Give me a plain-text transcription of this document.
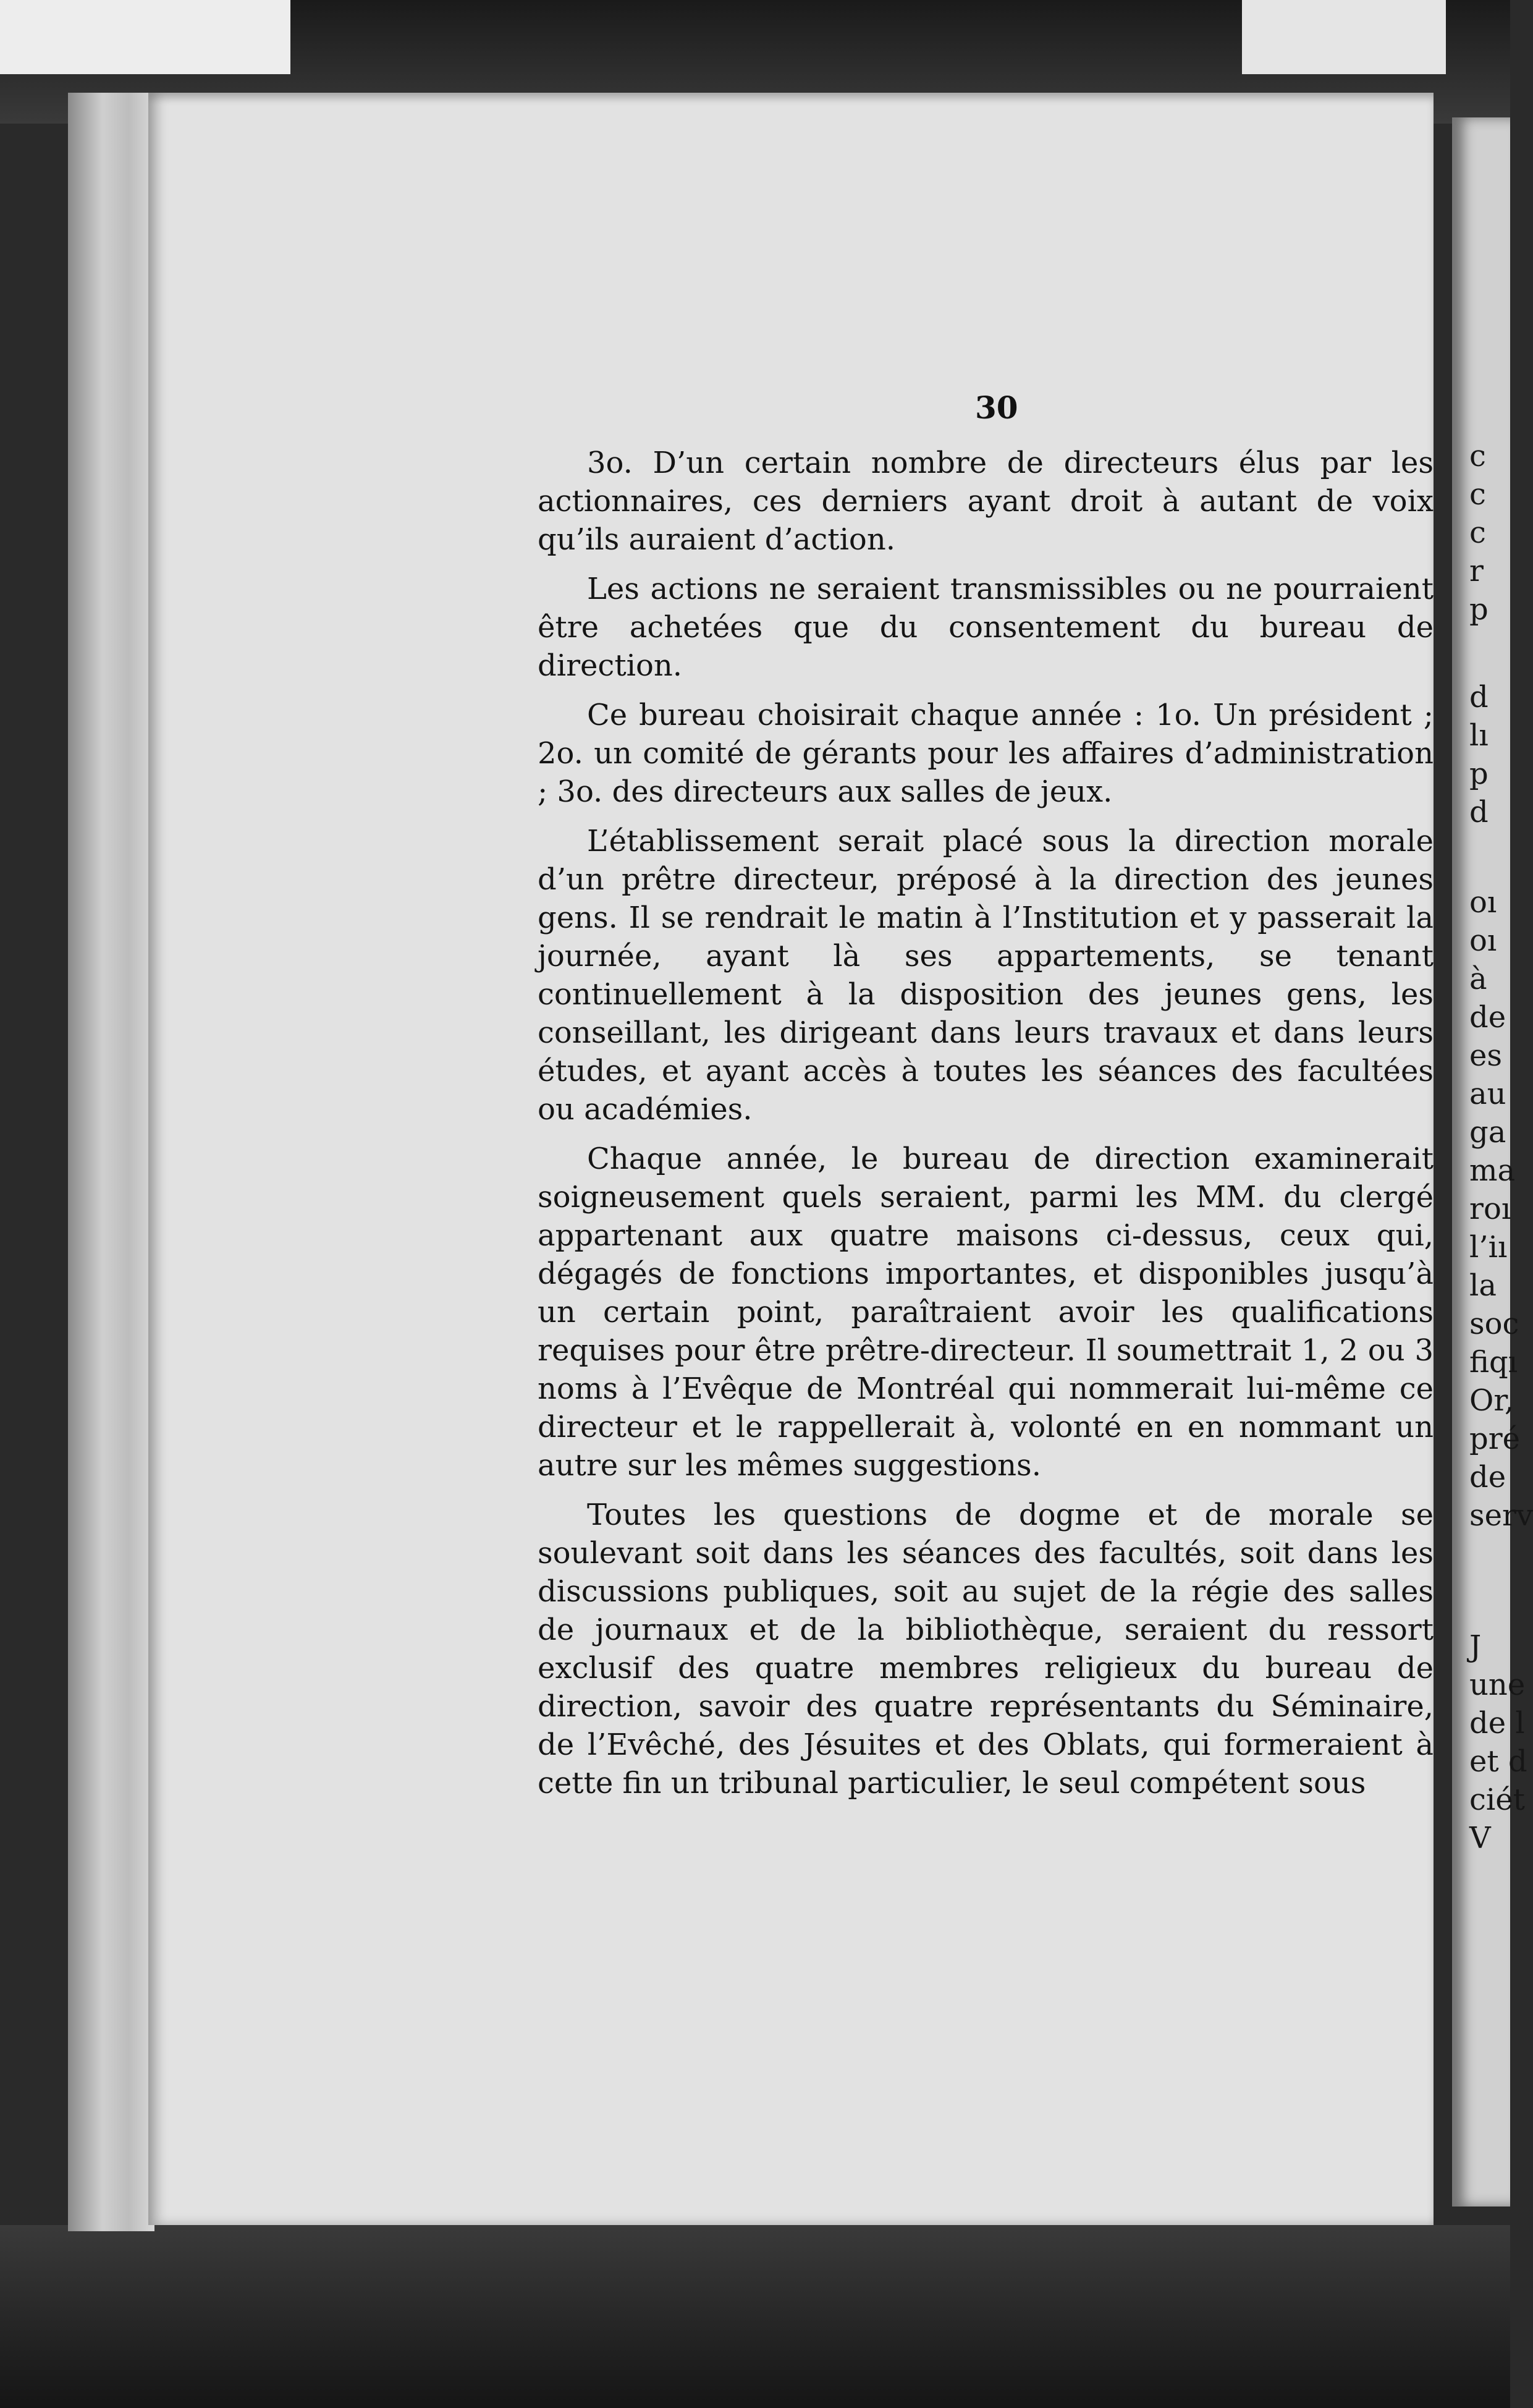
c
c
c
r
p
d
lı
p
d
oı
oı
à
de
es
au
ga
ma
roı
l’iı
la
soc
fiqı
Or,
pré
de
serv
J
une
de l
et d
ciét
V
30

3o. D’un certain nombre de directeurs élus par les actionnaires, ces derniers ayant droit à autant de voix qu’ils auraient d’action.

Les actions ne seraient transmissibles ou ne pourraient être achetées que du consentement du bureau de direction.

Ce bureau choisirait chaque année : 1o. Un président ; 2o. un comité de gérants pour les affaires d’administration ; 3o. des directeurs aux salles de jeux.

L’établissement serait placé sous la direction morale d’un prêtre directeur, préposé à la direction des jeunes gens. Il se rendrait le matin à l’Institution et y passerait la journée, ayant là ses appartements, se tenant continuellement à la disposition des jeunes gens, les conseillant, les dirigeant dans leurs travaux et dans leurs études, et ayant accès à toutes les séances des facultées ou académies.

Chaque année, le bureau de direction examinerait soigneusement quels seraient, parmi les MM. du clergé appartenant aux quatre maisons ci-dessus, ceux qui, dégagés de fonctions importantes, et disponibles jusqu’à un certain point, paraîtraient avoir les qualifications requises pour être prêtre-directeur. Il soumettrait 1, 2 ou 3 noms à l’Evêque de Montréal qui nommerait lui-même ce directeur et le rappellerait à, volonté en en nommant un autre sur les mêmes suggestions.

Toutes les questions de dogme et de morale se soulevant soit dans les séances des facultés, soit dans les discussions publiques, soit au sujet de la régie des salles de journaux et de la bibliothèque, seraient du ressort exclusif des quatre membres religieux du bureau de direction, savoir des quatre représentants du Séminaire, de l’Evêché, des Jésuites et des Oblats, qui formeraient à cette fin un tribunal particulier, le seul compétent sous
